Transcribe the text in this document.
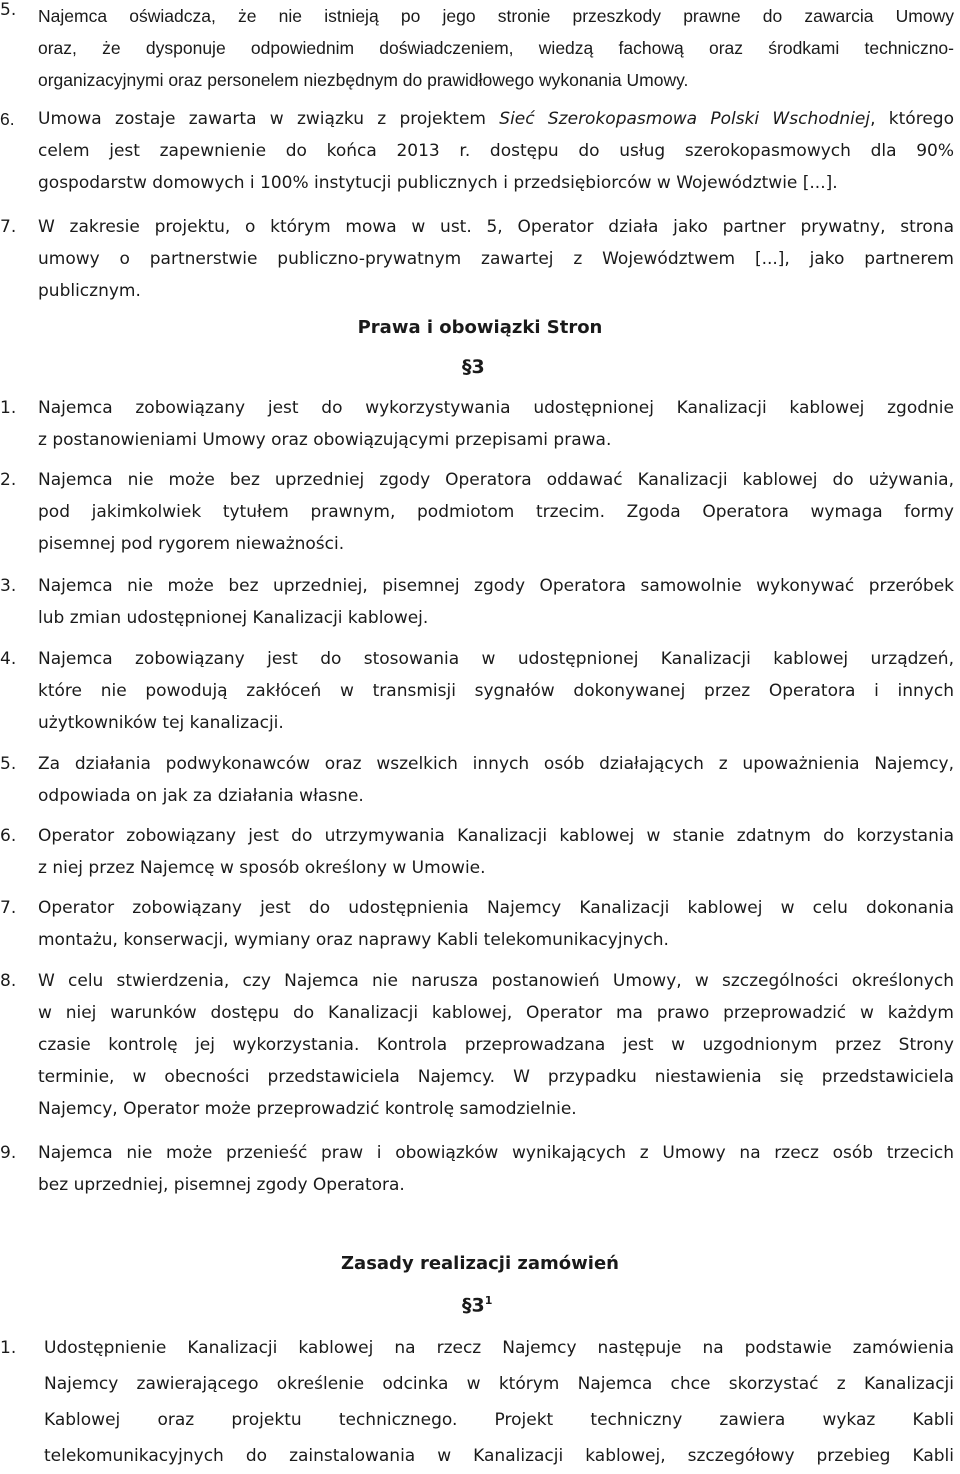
5. Najemca oświadcza, że nie istnieją po jego stronie przeszkody prawne do zawarcia Umowy
oraz, że dysponuje odpowiednim doświadczeniem, wiedzą fachową oraz środkami techniczno-
organizacyjnymi oraz personelem niezbędnym do prawidłowego wykonania Umowy.
6. Umowa zostaje zawarta w związku z projektem Sieć Szerokopasmowa Polski Wschodniej, którego
celem jest zapewnienie do końca 2013 r. dostępu do usług szerokopasmowych dla 90%
gospodarstw domowych i 100% instytucji publicznych i przedsiębiorców w Województwie [...].
7. W zakresie projektu, o którym mowa w ust. 5, Operator działa jako partner prywatny, strona
umowy o partnerstwie publiczno-prywatnym zawartej z Województwem [...], jako partnerem
publicznym.
Prawa i obowiązki Stron
§3
1. Najemca zobowiązany jest do wykorzystywania udostępnionej Kanalizacji kablowej zgodnie
z postanowieniami Umowy oraz obowiązującymi przepisami prawa.
2. Najemca nie może bez uprzedniej zgody Operatora oddawać Kanalizacji kablowej do używania,
pod jakimkolwiek tytułem prawnym, podmiotom trzecim. Zgoda Operatora wymaga formy
pisemnej pod rygorem nieważności.
3. Najemca nie może bez uprzedniej, pisemnej zgody Operatora samowolnie wykonywać przeróbek
lub zmian udostępnionej Kanalizacji kablowej.
4. Najemca zobowiązany jest do stosowania w udostępnionej Kanalizacji kablowej urządzeń,
które nie powodują zakłóceń w transmisji sygnałów dokonywanej przez Operatora i innych
użytkowników tej kanalizacji.
5. Za działania podwykonawców oraz wszelkich innych osób działających z upoważnienia Najemcy,
odpowiada on jak za działania własne.
6. Operator zobowiązany jest do utrzymywania Kanalizacji kablowej w stanie zdatnym do korzystania
z niej przez Najemcę w sposób określony w Umowie.
7. Operator zobowiązany jest do udostępnienia Najemcy Kanalizacji kablowej w celu dokonania
montażu, konserwacji, wymiany oraz naprawy Kabli telekomunikacyjnych.
8. W celu stwierdzenia, czy Najemca nie narusza postanowień Umowy, w szczególności określonych
w niej warunków dostępu do Kanalizacji kablowej, Operator ma prawo przeprowadzić w każdym
czasie kontrolę jej wykorzystania. Kontrola przeprowadzana jest w uzgodnionym przez Strony
terminie, w obecności przedstawiciela Najemcy. W przypadku niestawienia się przedstawiciela
Najemcy, Operator może przeprowadzić kontrolę samodzielnie.
9. Najemca nie może przenieść praw i obowiązków wynikających z Umowy na rzecz osób trzecich
bez uprzedniej, pisemnej zgody Operatora.
Zasady realizacji zamówień
$\S 3^1$
1. Udostępnienie Kanalizacji kablowej na rzecz Najemcy następuje na podstawie zamówienia
Najemcy zawierającego określenie odcinka w którym Najemca chce skorzystać z Kanalizacji
Kablowej oraz projektu technicznego. Projekt techniczny zawiera wykaz Kabli
telekomunikacyjnych do zainstalowania w Kanalizacji kablowej, szczegółowy przebieg Kabli
